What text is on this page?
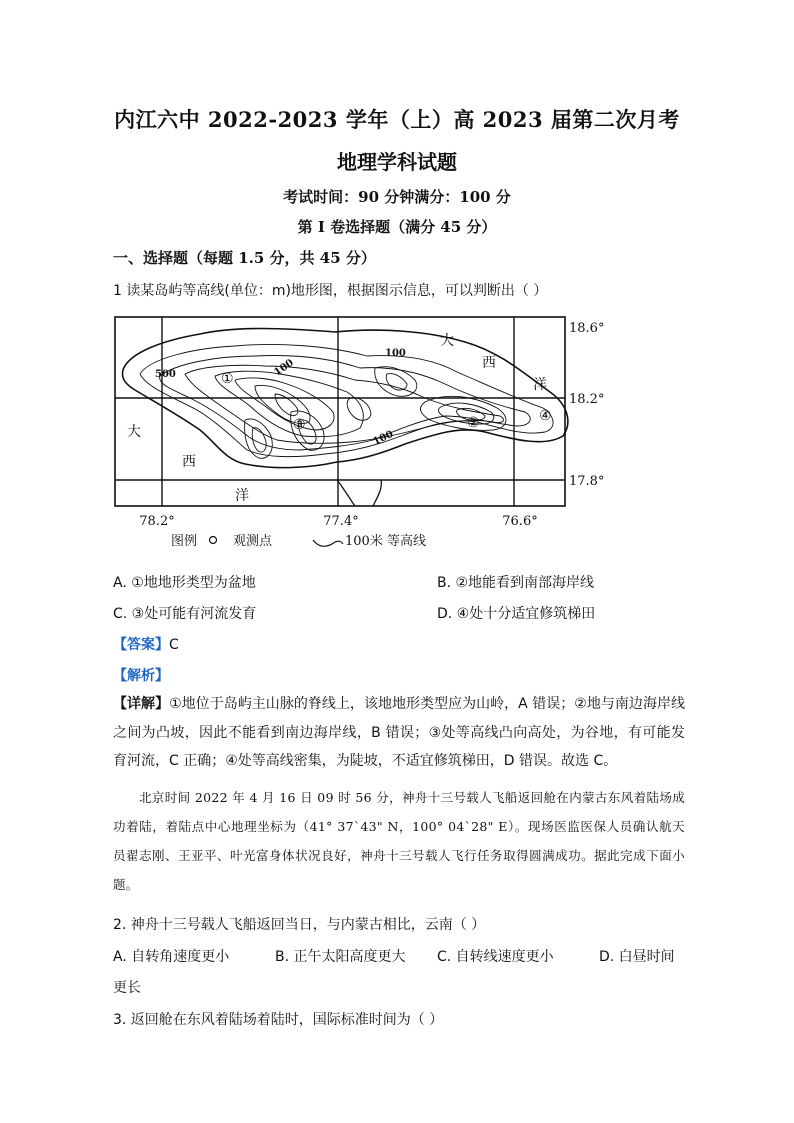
内江六中 2022-2023 学年（上）高 2023 届第二次月考
地理学科试题
考试时间：90 分钟满分：100 分
第 I 卷选择题（满分 45 分）
一、选择题（每题 1.5 分，共 45 分）
1 读某岛屿等高线(单位：m)地形图，根据图示信息，可以判断出（ ）
100
500	100
100
①
②
③
④
大
西
洋
大
西
洋
18.6°
18.2°
17.8°
78.2°	77.4°	76.6°
图例	观测点	100米 等高线
A. ①地地形类型为盆地	B. ②地能看到南部海岸线
C. ③处可能有河流发育	D. ④处十分适宜修筑梯田
【答案】C
【解析】
【详解】①地位于岛屿主山脉的脊线上，该地地形类型应为山岭，A 错误；②地与南边海岸线之间为凸坡，因此不能看到南边海岸线，B 错误；③处等高线凸向高处，为谷地，有可能发育河流，C 正确；④处等高线密集，为陡坡，不适宜修筑梯田，D 错误。故选 C。
北京时间 2022 年 4 月 16 日 09 时 56 分，神舟十三号载人飞船返回舱在内蒙古东风着陆场成功着陆，着陆点中心地理坐标为（41° 37`43" N，100° 04`28" E）。现场医监医保人员确认航天员翟志刚、王亚平、叶光富身体状况良好，神舟十三号载人飞行任务取得圆满成功。据此完成下面小题。
2. 神舟十三号载人飞船返回当日，与内蒙古相比，云南（ ）
A. 自转角速度更小	B. 正午太阳高度更大 C. 自转线速度更小	D. 白昼时间
更长
3. 返回舱在东风着陆场着陆时，国际标准时间为（ ）
